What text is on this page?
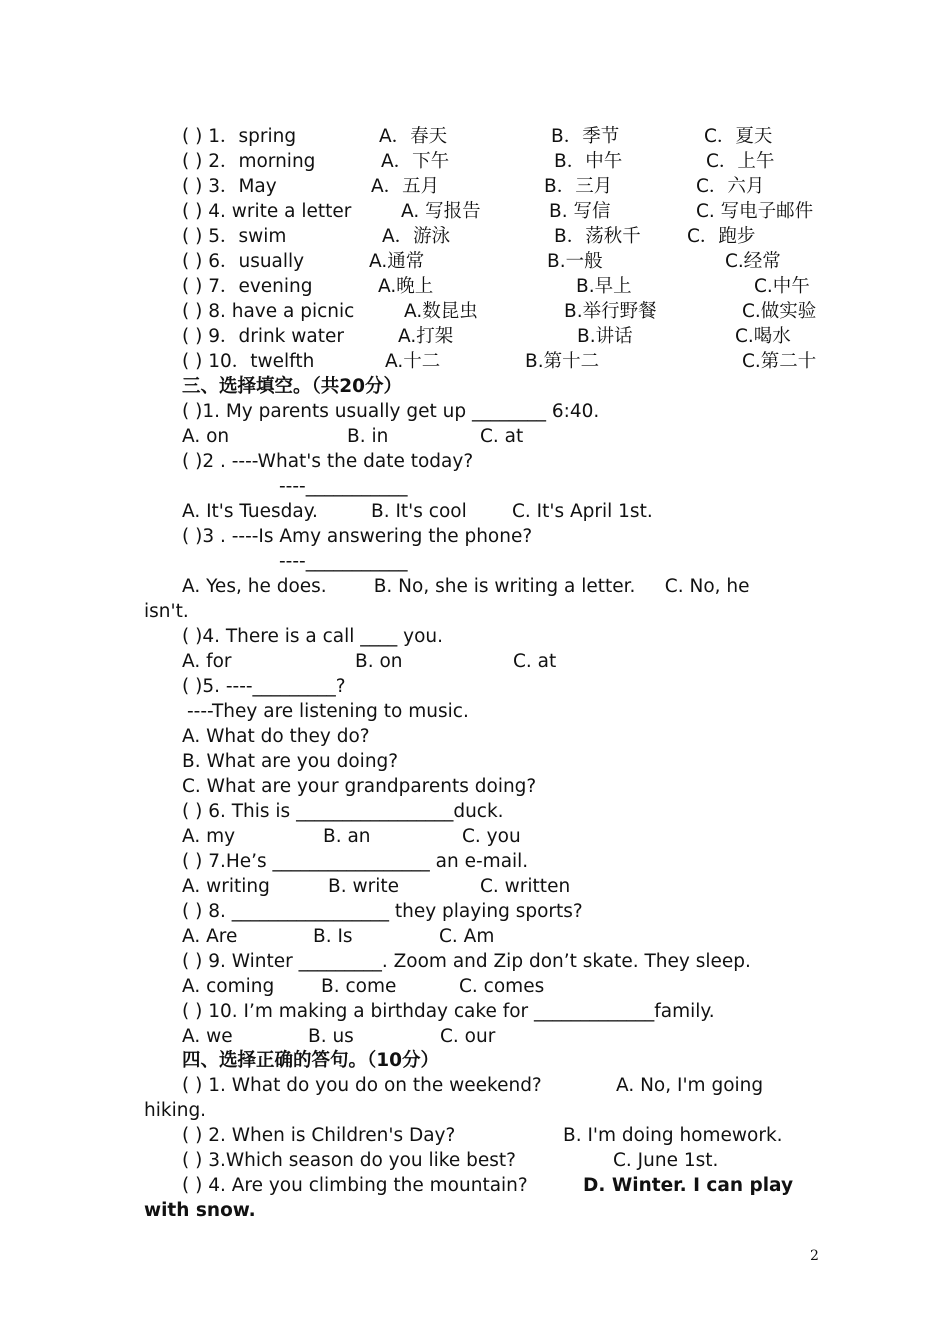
( ) 1．spring	A．春天	B．季节	C．夏天
( ) 2．morning	A．下午	B．中午	C．上午
( ) 3．May	A．五月	B．三月	C．六月
( ) 4. write a letter	A. 写报告	B. 写信	C. 写电子邮件
( ) 5．swim	A．游泳	B．荡秋千	C．跑步
( ) 6．usually	A.通常	B.一般	C.经常
( ) 7．evening	A.晚上	B.早上	C.中午
( ) 8. have a picnic	A.数昆虫	B.举行野餐	C.做实验
( ) 9．drink water	A.打架	B.讲话	C.喝水
( ) 10．twelfth	A.十二	B.第十二	C.第二十
三、选择填空。（共20分）
( )1. My parents usually get up ________ 6:40.
A. on	B. in	C. at
( )2 . ----What's the date today?
----___________
A. It's Tuesday.	B. It's cool C. It's April 1st.
( )3 . ----Is Amy answering the phone?
----___________
A. Yes, he does.        B. No, she is writing a letter.     C. No, he
isn't.
( )4. There is a call ____ you.
A. for	B. on	C. at
( )5. ----_________?
----They are listening to music.
A. What do they do?
B. What are you doing?
C. What are your grandparents doing?
( ) 6. This is _________________duck.
A. my	B. an	C. you
( ) 7.He’s _________________ an e-mail.
A. writing	B. write	C. written
( ) 8. _________________ they playing sports?
A. Are	B. Is	C. Am
( ) 9. Winter _________. Zoom and Zip don’t skate. They sleep.
A. coming	B. come	C. comes
( ) 10. I’m making a birthday cake for _____________family.
A. we	B. us	C. our
四、选择正确的答句。（10分）
( ) 1. What do you do on the weekend?	A. No, I'm going
hiking.
( ) 2. When is Children's Day?	B. I'm doing homework.
( ) 3.Which season do you like best?	C. June 1st.
( ) 4. Are you climbing the mountain?	D. Winter. I can play
with snow.
2
